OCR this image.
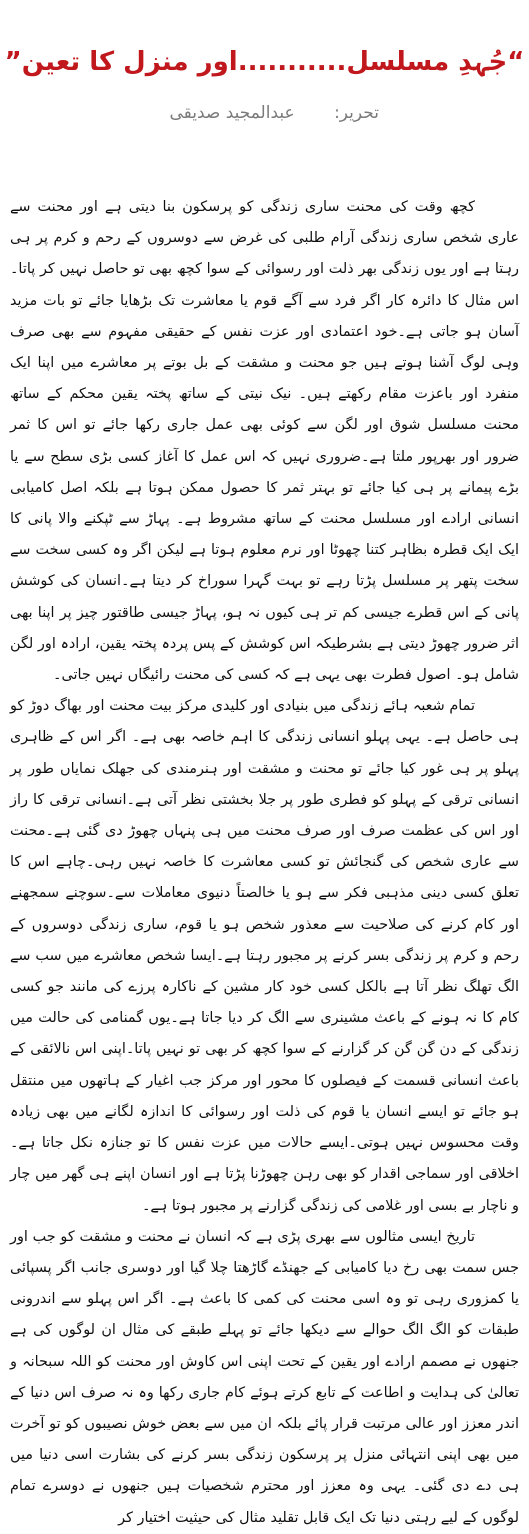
“جُہدِ مسلسل...........اور منزل کا تعین”
تحریر: عبدالمجید صدیقی

کچھ وقت کی محنت ساری زندگی کو پرسکون بنا دیتی ہے اور محنت سے عاری شخص ساری زندگی آرام طلبی کی غرض سے دوسروں کے رحم و کرم پر ہی رہتا ہے اور یوں زندگی بھر ذلت اور رسوائی کے سوا کچھ بھی تو حاصل نہیں کر پاتا۔ اس مثال کا دائرہ کار اگر فرد سے آگے قوم یا معاشرت تک بڑھایا جائے تو بات مزید آسان ہو جاتی ہے۔خود اعتمادی اور عزت نفس کے حقیقی مفہوم سے بھی صرف وہی لوگ آشنا ہوتے ہیں جو محنت و مشقت کے بل بوتے پر معاشرے میں اپنا ایک منفرد اور باعزت مقام رکھتے ہیں۔ نیک نیتی کے ساتھ پختہ یقین محکم کے ساتھ محنت مسلسل شوق اور لگن سے کوئی بھی عمل جاری رکھا جائے تو اس کا ثمر ضرور اور بھرپور ملتا ہے۔ضروری نہیں کہ اس عمل کا آغاز کسی بڑی سطح سے یا بڑے پیمانے پر ہی کیا جائے تو بہتر ثمر کا حصول ممکن ہوتا ہے بلکہ اصل کامیابی انسانی ارادے اور مسلسل محنت کے ساتھ مشروط ہے۔ پہاڑ سے ٹپکنے والا پانی کا ایک ایک قطرہ بظاہر کتنا چھوٹا اور نرم معلوم ہوتا ہے لیکن اگر وہ کسی سخت سے سخت پتھر پر مسلسل پڑتا رہے تو بہت گہرا سوراخ کر دیتا ہے۔انسان کی کوشش پانی کے اس قطرے جیسی کم تر ہی کیوں نہ ہو، پہاڑ جیسی طاقتور چیز پر اپنا بھی اثر ضرور چھوڑ دیتی ہے بشرطیکہ اس کوشش کے پس پردہ پختہ یقین، ارادہ اور لگن شامل ہو۔ اصول فطرت بھی یہی ہے کہ کسی کی محنت رائیگاں نہیں جاتی۔

تمام شعبہ ہائے زندگی میں بنیادی اور کلیدی مرکز بیت محنت اور بھاگ دوڑ کو ہی حاصل ہے۔ یہی پہلو انسانی زندگی کا اہم خاصہ بھی ہے۔ اگر اس کے ظاہری پہلو پر ہی غور کیا جائے تو محنت و مشقت اور ہنرمندی کی جھلک نمایاں طور پر انسانی ترقی کے پہلو کو فطری طور پر جلا بخشتی نظر آتی ہے۔انسانی ترقی کا راز اور اس کی عظمت صرف اور صرف محنت میں ہی پنہاں چھوڑ دی گئی ہے۔محنت سے عاری شخص کی گنجائش تو کسی معاشرت کا خاصہ نہیں رہی۔چاہے اس کا تعلق کسی دینی مذہبی فکر سے ہو یا خالصتاً دنیوی معاملات سے۔سوچنے سمجھنے اور کام کرنے کی صلاحیت سے معذور شخص ہو یا قوم، ساری زندگی دوسروں کے رحم و کرم پر زندگی بسر کرنے پر مجبور رہتا ہے۔ایسا شخص معاشرے میں سب سے الگ تھلگ نظر آتا ہے بالکل کسی خود کار مشین کے ناکارہ پرزے کی مانند جو کسی کام کا نہ ہونے کے باعث مشینری سے الگ کر دیا جاتا ہے۔یوں گمنامی کی حالت میں زندگی کے دن گن گن کر گزارنے کے سوا کچھ کر بھی تو نہیں پاتا۔اپنی اس نالائقی کے باعث انسانی قسمت کے فیصلوں کا محور اور مرکز جب اغیار کے ہاتھوں میں منتقل ہو جائے تو ایسے انسان یا قوم کی ذلت اور رسوائی کا اندازہ لگانے میں بھی زیادہ وقت محسوس نہیں ہوتی۔ایسے حالات میں عزت نفس کا تو جنازہ نکل جاتا ہے۔اخلاقی اور سماجی اقدار کو بھی رہن چھوڑنا پڑتا ہے اور انسان اپنے ہی گھر میں چار و ناچار بے بسی اور غلامی کی زندگی گزارنے پر مجبور ہوتا ہے۔

تاریخ ایسی مثالوں سے بھری پڑی ہے کہ انسان نے محنت و مشقت کو جب اور جس سمت بھی رخ دیا کامیابی کے جھنڈے گاڑھتا چلا گیا اور دوسری جانب اگر پسپائی یا کمزوری رہی تو وہ اسی محنت کی کمی کا باعث ہے۔ اگر اس پہلو سے اندرونی طبقات کو الگ الگ حوالے سے دیکھا جائے تو پہلے طبقے کی مثال ان لوگوں کی ہے جنھوں نے مصمم ارادے اور یقین کے تحت اپنی اس کاوش اور محنت کو اللہ سبحانہ و تعالیٰ کی ہدایت و اطاعت کے تابع کرتے ہوئے کام جاری رکھا وہ نہ صرف اس دنیا کے اندر معزز اور عالی مرتبت قرار پائے بلکہ ان میں سے بعض خوش نصیبوں کو تو آخرت میں بھی اپنی انتہائی منزل پر پرسکون زندگی بسر کرنے کی بشارت اسی دنیا میں ہی دے دی گئی۔ یہی وہ معزز اور محترم شخصیات ہیں جنھوں نے دوسرے تمام لوگوں کے لیے رہتی دنیا تک ایک قابل تقلید مثال کی حیثیت اختیار کر
